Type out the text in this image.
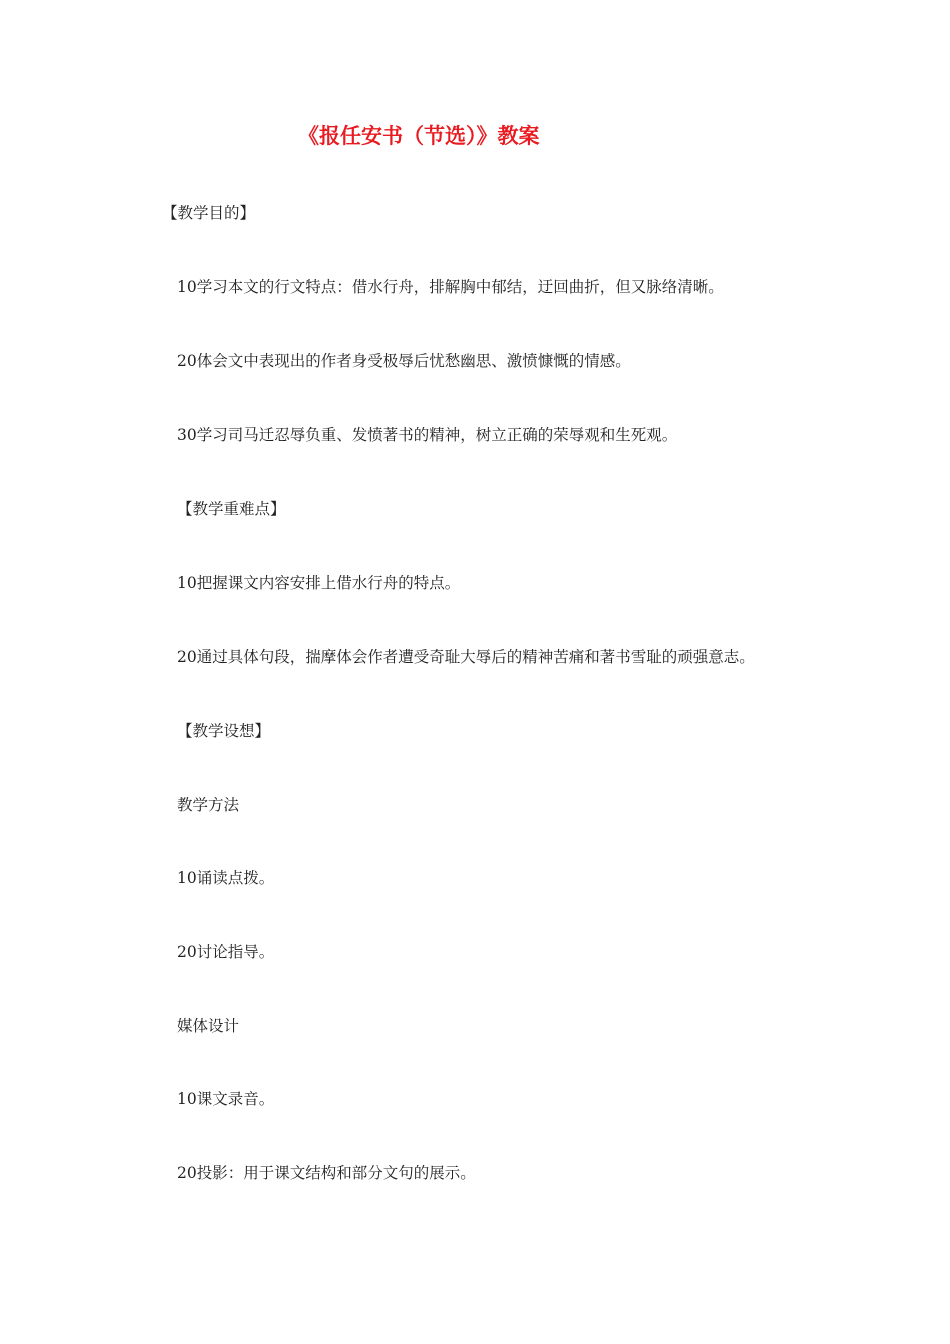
《报任安书（节选）》教案
【教学目的】
10学习本文的行文特点：借水行舟，排解胸中郁结，迂回曲折，但又脉络清晰。
20体会文中表现出的作者身受极辱后忧愁幽思、激愤慷慨的情感。
30学习司马迁忍辱负重、发愤著书的精神，树立正确的荣辱观和生死观。
【教学重难点】
10把握课文内容安排上借水行舟的特点。
20通过具体句段，揣摩体会作者遭受奇耻大辱后的精神苦痛和著书雪耻的顽强意志。
【教学设想】
教学方法
10诵读点拨。
20讨论指导。
媒体设计
10课文录音。
20投影：用于课文结构和部分文句的展示。
